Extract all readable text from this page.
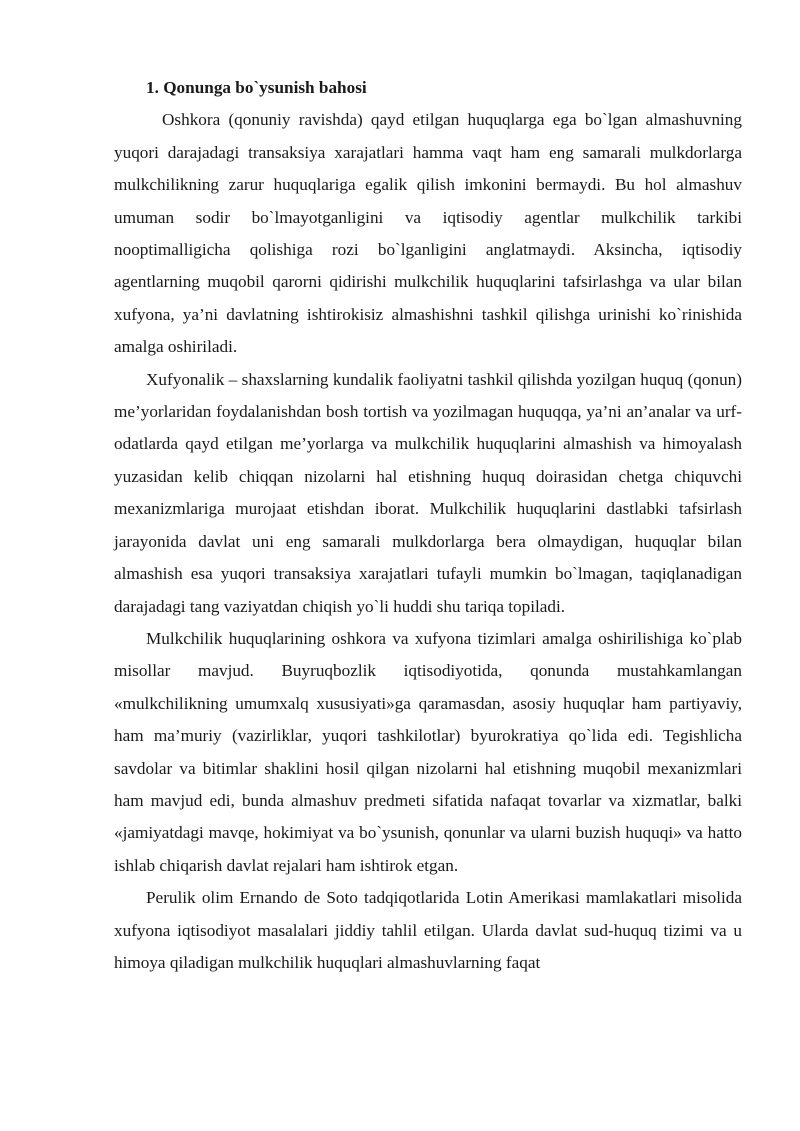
1. Qonunga bo`ysunish bahosi

Oshkora (qonuniy ravishda) qayd etilgan huquqlarga ega bo`lgan almashuvning yuqori darajadagi transaksiya xarajatlari hamma vaqt ham eng samarali mulkdorlarga mulkchilikning zarur huquqlariga egalik qilish imkonini bermaydi. Bu hol almashuv umuman sodir bo`lmayotganligini va iqtisodiy agentlar mulkchilik tarkibi nooptimalligicha qolishiga rozi bo`lganligini anglatmaydi. Aksincha, iqtisodiy agentlarning muqobil qarorni qidirishi mulkchilik huquqlarini tafsirlashga va ular bilan xufyona, ya’ni davlatning ishtirokisiz almashishni tashkil qilishga urinishi ko`rinishida amalga oshiriladi.

Xufyonalik – shaxslarning kundalik faoliyatni tashkil qilishda yozilgan huquq (qonun) me’yorlaridan foydalanishdan bosh tortish va yozilmagan huquqqa, ya’ni an’analar va urf-odatlarda qayd etilgan me’yorlarga va mulkchilik huquqlarini almashish va himoyalash yuzasidan kelib chiqqan nizolarni hal etishning huquq doirasidan chetga chiquvchi mexanizmlariga murojaat etishdan iborat. Mulkchilik huquqlarini dastlabki tafsirlash jarayonida davlat uni eng samarali mulkdorlarga bera olmaydigan, huquqlar bilan almashish esa yuqori transaksiya xarajatlari tufayli mumkin bo`lmagan, taqiqlanadigan darajadagi tang vaziyatdan chiqish yo`li huddi shu tariqa topiladi.

Mulkchilik huquqlarining oshkora va xufyona tizimlari amalga oshirilishiga ko`plab misollar mavjud. Buyruqbozlik iqtisodiyotida, qonunda mustahkamlangan «mulkchilikning umumxalq xususiyati»ga qaramasdan, asosiy huquqlar ham partiyaviy, ham ma’muriy (vazirliklar, yuqori tashkilotlar) byurokratiya qo`lida edi. Tegishlicha savdolar va bitimlar shaklini hosil qilgan nizolarni hal etishning muqobil mexanizmlari ham mavjud edi, bunda almashuv predmeti sifatida nafaqat tovarlar va xizmatlar, balki «jamiyatdagi mavqe, hokimiyat va bo`ysunish, qonunlar va ularni buzish huquqi» va hatto ishlab chiqarish davlat rejalari ham ishtirok etgan.

Perulik olim Ernando de Soto tadqiqotlarida Lotin Amerikasi mamlakatlari misolida xufyona iqtisodiyot masalalari jiddiy tahlil etilgan. Ularda davlat sud-huquq tizimi va u himoya qiladigan mulkchilik huquqlari almashuvlarning faqat
